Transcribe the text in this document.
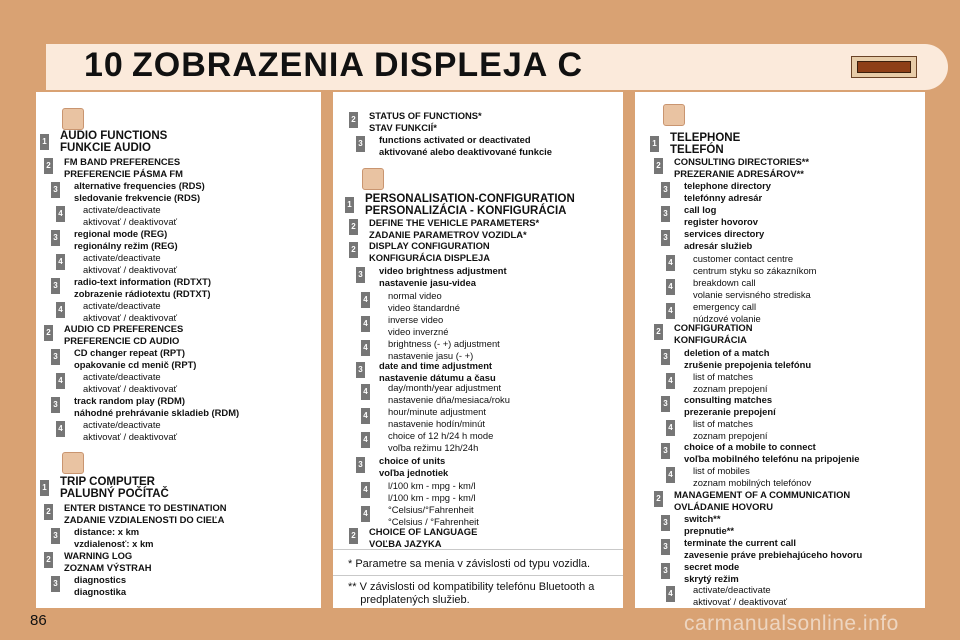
10 ZOBRAZENIA DISPLEJA C
1 AUDIO FUNCTIONS
FUNKCIE AUDIO
2 FM BAND PREFERENCES
PREFERENCIE PÁSMA FM
3 alternative frequencies (RDS)
sledovanie frekvencie (RDS)
4 activate/deactivate
aktivovať / deaktivovať
3 regional mode (REG)
regionálny režim (REG)
4 activate/deactivate
aktivovať / deaktivovať
3 radio-text information (RDTXT)
zobrazenie rádiotextu (RDTXT)
4 activate/deactivate
aktivovať / deaktivovať
2 AUDIO CD PREFERENCES
PREFERENCIE CD AUDIO
3 CD changer repeat (RPT)
opakovanie cd menič (RPT)
4 activate/deactivate
aktivovať / deaktivovať
3 track random play (RDM)
náhodné prehrávanie skladieb (RDM)
4 activate/deactivate
aktivovať / deaktivovať
1 TRIP COMPUTER
PALUBNÝ POČÍTAČ
2 ENTER DISTANCE TO DESTINATION
ZADANIE VZDIALENOSTI DO CIEĽA
3 distance: x km
vzdialenosť: x km
2 WARNING LOG
ZOZNAM VÝSTRAH
3 diagnostics
diagnostika
2 STATUS OF FUNCTIONS*
STAV FUNKCIÍ*
3 functions activated or deactivated
aktivované alebo deaktivované funkcie
1 PERSONALISATION-CONFIGURATION
PERSONALIZÁCIA - KONFIGURÁCIA
2 DEFINE THE VEHICLE PARAMETERS*
ZADANIE PARAMETROV VOZIDLA*
2 DISPLAY CONFIGURATION
KONFIGURÁCIA DISPLEJA
3 video brightness adjustment
nastavenie jasu-videa
4 normal video
video štandardné
4 inverse video
video inverzné
4 brightness (- +) adjustment
nastavenie jasu (- +)
3 date and time adjustment
nastavenie dátumu a času
4 day/month/year adjustment
nastavenie dňa/mesiaca/roku
4 hour/minute adjustment
nastavenie hodín/minút
4 choice of 12 h/24 h mode
voľba režimu 12h/24h
3 choice of units
voľba jednotiek
4 l/100 km - mpg - km/l
l/100 km - mpg - km/l
4 °Celsius/°Fahrenheit
°Celsius / °Fahrenheit
2 CHOICE OF LANGUAGE
VOĽBA JAZYKA
1 TELEPHONE
TELEFÓN
2 CONSULTING DIRECTORIES**
PREZERANIE ADRESÁROV**
3 telephone directory
telefónny adresár
3 call log
register hovorov
3 services directory
adresár služieb
4 customer contact centre
centrum styku so zákazníkom
4 breakdown call
volanie servisného strediska
4 emergency call
núdzové volanie
2 CONFIGURATION
KONFIGURÁCIA
3 deletion of a match
zrušenie prepojenia telefónu
4 list of matches
zoznam prepojení
3 consulting matches
prezeranie prepojení
4 list of matches
zoznam prepojení
3 choice of a mobile to connect
voľba mobilného telefónu na pripojenie
4 list of mobiles
zoznam mobilných telefónov
2 MANAGEMENT OF A COMMUNICATION
OVLÁDANIE HOVORU
3 switch**
prepnutie**
3 terminate the current call
zavesenie práve prebiehajúceho hovoru
3 secret mode
skrytý režim
4 activate/deactivate
aktivovať / deaktivovať
* Parametre sa menia v závislosti od typu vozidla.
** V závislosti od kompatibility telefónu Bluetooth a
predplatených služieb.
86	carmanualsonline.info
